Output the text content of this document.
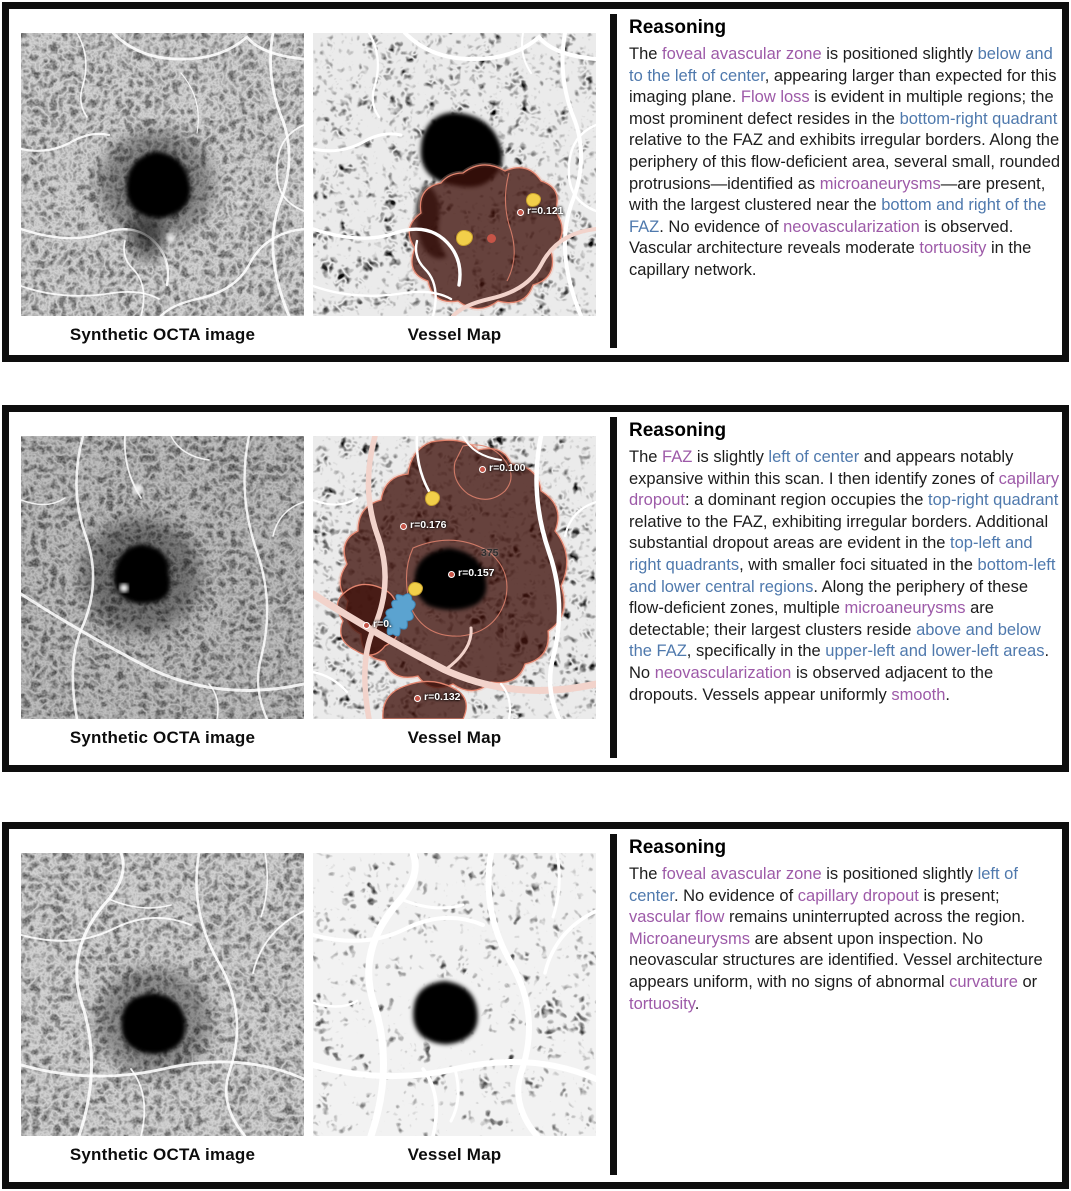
Synthetic OCTA image
r=0.121
Vessel Map
Reasoning

The foveal avascular zone is positioned slightly below and to the left of center, appearing larger than expected for this imaging plane. Flow loss is evident in multiple regions; the most prominent defect resides in the bottom-right quadrant relative to the FAZ and exhibits irregular borders. Along the periphery of this flow-deficient area, several small, rounded protrusions—identified as microaneurysms—are present, with the largest clustered near the bottom and right of the FAZ. No evidence of neovascularization is observed. Vascular architecture reveals moderate tortuosity in the capillary network.

Synthetic OCTA image
r=0.100
r=0.176
375
r=0.157
r=0.
r=0.132
Vessel Map
Reasoning

The FAZ is slightly left of center and appears notably expansive within this scan. I then identify zones of capillary dropout: a dominant region occupies the top-right quadrant relative to the FAZ, exhibiting irregular borders. Additional substantial dropout areas are evident in the top-left and right quadrants, with smaller foci situated in the bottom-left and lower central regions. Along the periphery of these flow-deficient zones, multiple microaneurysms are detectable; their largest clusters reside above and below the FAZ, specifically in the upper-left and lower-left areas. No neovascularization is observed adjacent to the dropouts. Vessels appear uniformly smooth.

Synthetic OCTA image	Vessel Map
Reasoning

The foveal avascular zone is positioned slightly left of center. No evidence of capillary dropout is present; vascular flow remains uninterrupted across the region. Microaneurysms are absent upon inspection. No neovascular structures are identified. Vessel architecture appears uniform, with no signs of abnormal curvature or tortuosity.
